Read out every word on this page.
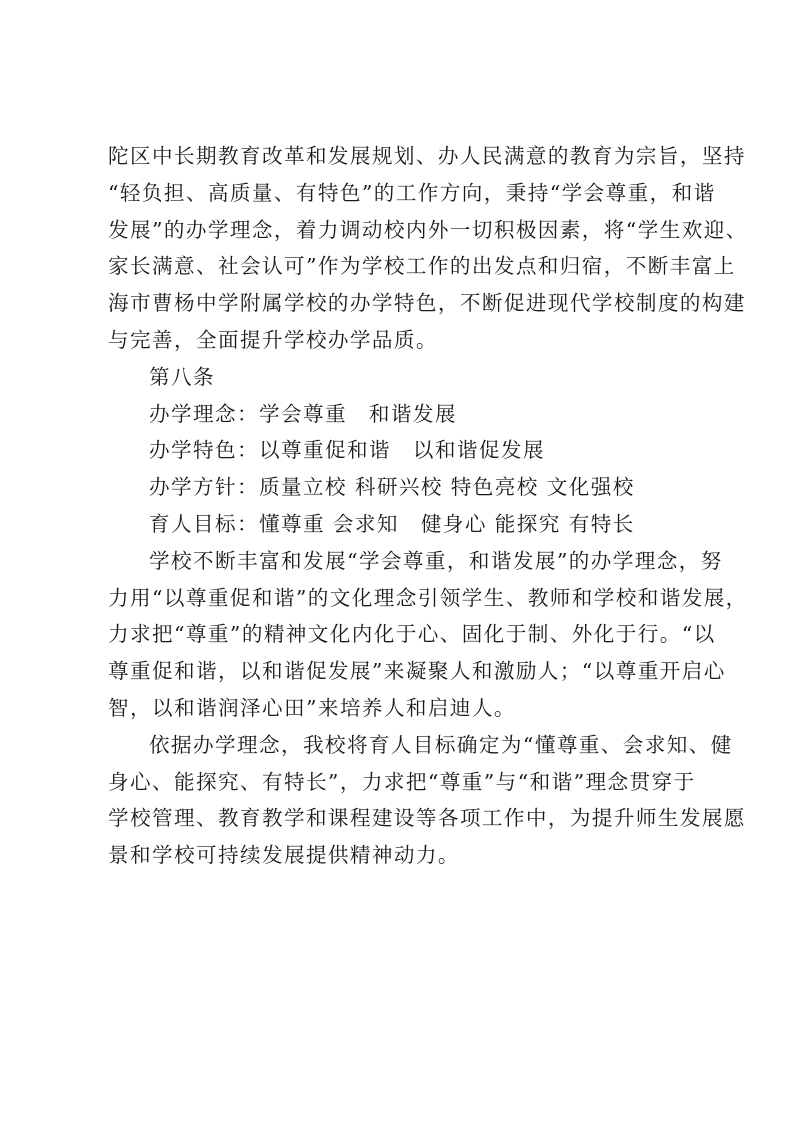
陀区中长期教育改革和发展规划、办人民满意的教育为宗旨，坚持
“轻负担、高质量、有特色”的工作方向，秉持“学会尊重，和谐
发展”的办学理念，着力调动校内外一切积极因素，将“学生欢迎、
家长满意、社会认可”作为学校工作的出发点和归宿，不断丰富上
海市曹杨中学附属学校的办学特色，不断促进现代学校制度的构建
与完善，全面提升学校办学品质。

第八条
办学理念：学会尊重　和谐发展
办学特色：以尊重促和谐　以和谐促发展
办学方针：质量立校 科研兴校 特色亮校 文化强校
育人目标：懂尊重 会求知　健身心 能探究 有特长

学校不断丰富和发展“学会尊重，和谐发展”的办学理念，努
力用“以尊重促和谐”的文化理念引领学生、教师和学校和谐发展，
力求把“尊重”的精神文化内化于心、固化于制、外化于行。“以
尊重促和谐，以和谐促发展”来凝聚人和激励人；“以尊重开启心
智，以和谐润泽心田”来培养人和启迪人。

依据办学理念，我校将育人目标确定为“懂尊重、会求知、健
身心、能探究、有特长”，力求把“尊重”与“和谐”理念贯穿于
学校管理、教育教学和课程建设等各项工作中，为提升师生发展愿
景和学校可持续发展提供精神动力。
